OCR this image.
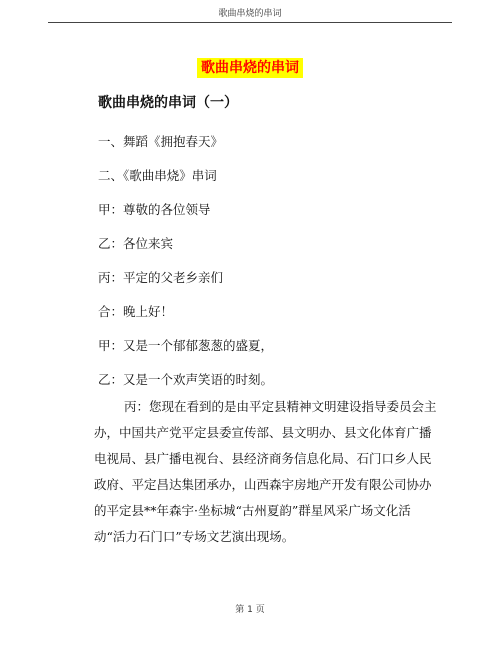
歌曲串烧的串词
歌曲串烧的串词
歌曲串烧的串词（一）
一、舞蹈《拥抱春天》
二、《歌曲串烧》串词
甲：尊敬的各位领导
乙：各位来宾
丙：平定的父老乡亲们
合：晚上好！
甲：又是一个郁郁葱葱的盛夏，
乙：又是一个欢声笑语的时刻。
丙：您现在看到的是由平定县精神文明建设指导委员会主
办，中国共产党平定县委宣传部、县文明办、县文化体育广播
电视局、县广播电视台、县经济商务信息化局、石门口乡人民
政府、平定昌达集团承办，山西森宇房地产开发有限公司协办
的平定县**年森宇·坐标城“古州夏韵”群星风采广场文化活
动“活力石门口”专场文艺演出现场。
第 1 页
